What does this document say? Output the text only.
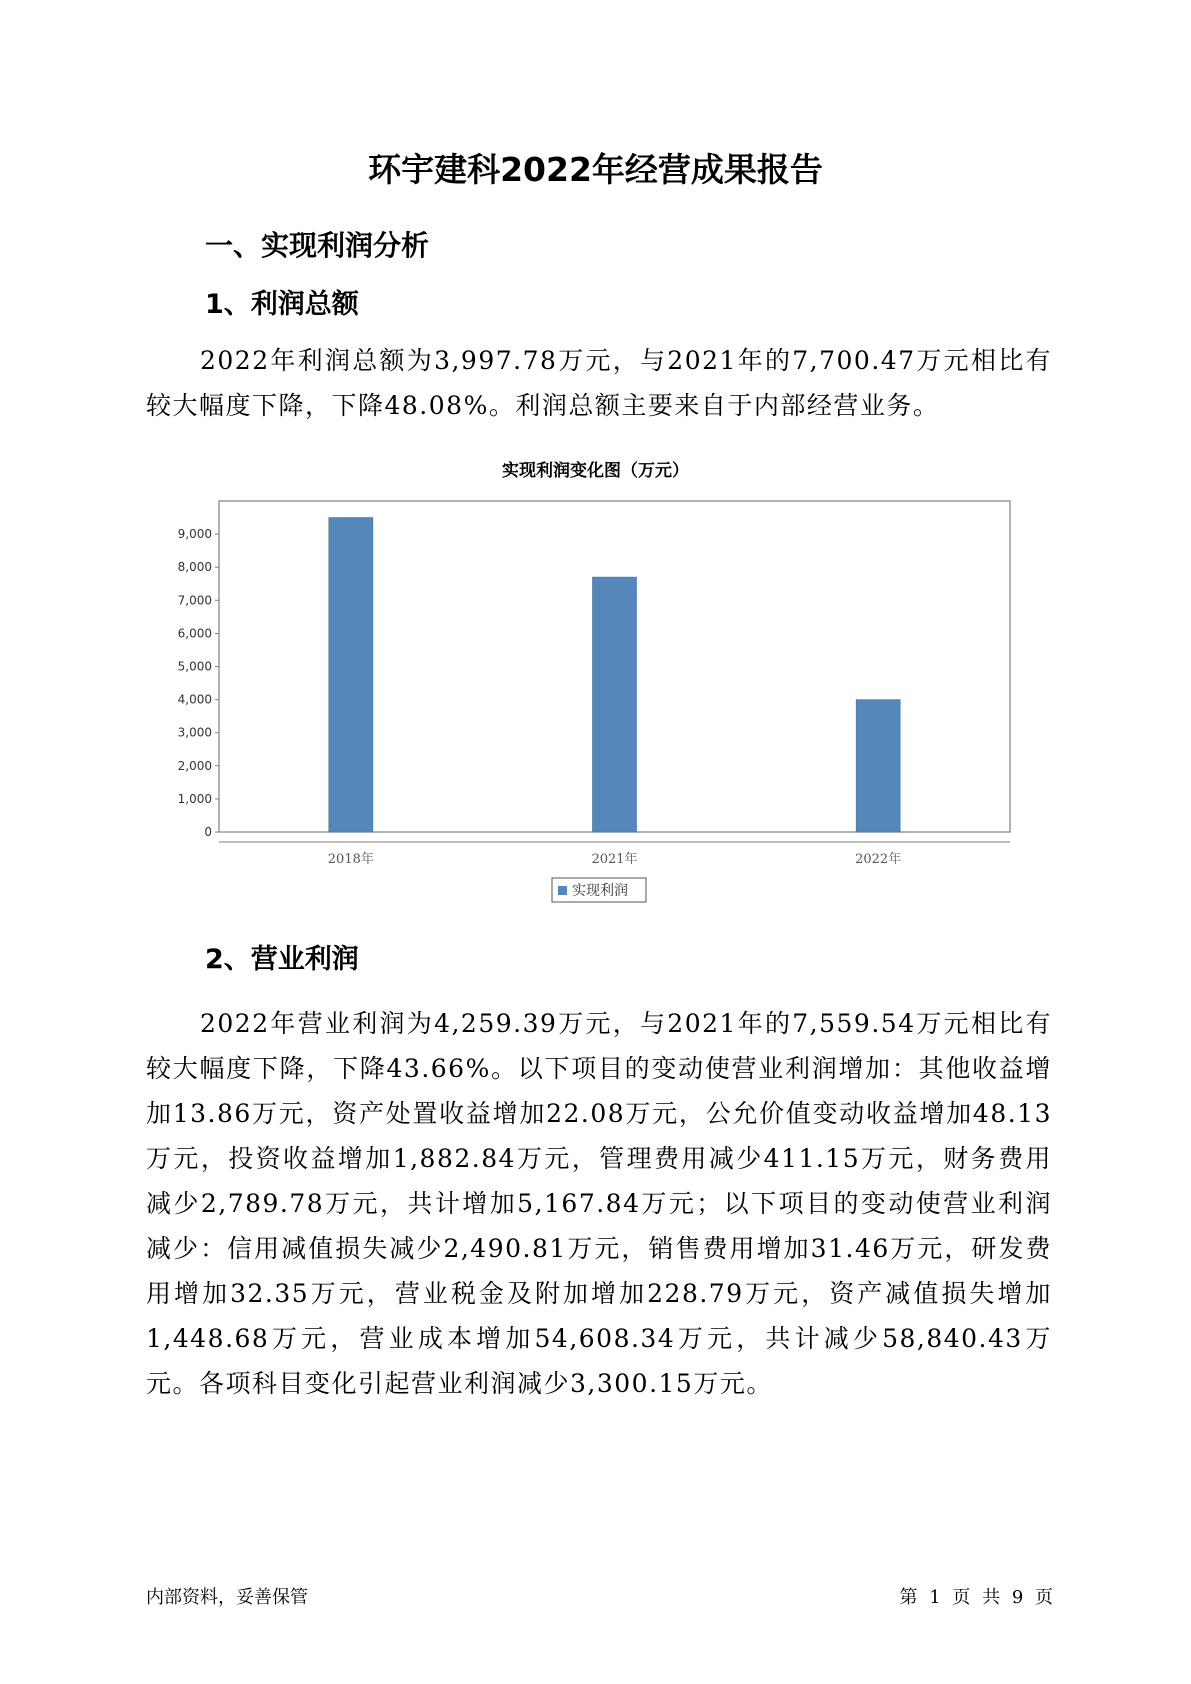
环宇建科2022年经营成果报告
一、实现利润分析
1、利润总额

2022年利润总额为3,997.78万元，与2021年的7,700.47万元相比有较大幅度下降，下降48.08%。利润总额主要来自于内部经营业务。

实现利润变化图（万元）
0
1,000
2,000
3,000
4,000
5,000
6,000
7,000
8,000
9,000
2018年	2021年	2022年
实现利润
2、营业利润

2022年营业利润为4,259.39万元，与2021年的7,559.54万元相比有较大幅度下降，下降43.66%。以下项目的变动使营业利润增加：其他收益增加13.86万元，资产处置收益增加22.08万元，公允价值变动收益增加48.13万元，投资收益增加1,882.84万元，管理费用减少411.15万元，财务费用减少2,789.78万元，共计增加5,167.84万元；以下项目的变动使营业利润减少：信用减值损失减少2,490.81万元，销售费用增加31.46万元，研发费用增加32.35万元，营业税金及附加增加228.79万元，资产减值损失增加1,448.68万元，营业成本增加54,608.34万元，共计减少58,840.43万元。各项科目变化引起营业利润减少3,300.15万元。

内部资料，妥善保管	第 1 页 共 9 页
